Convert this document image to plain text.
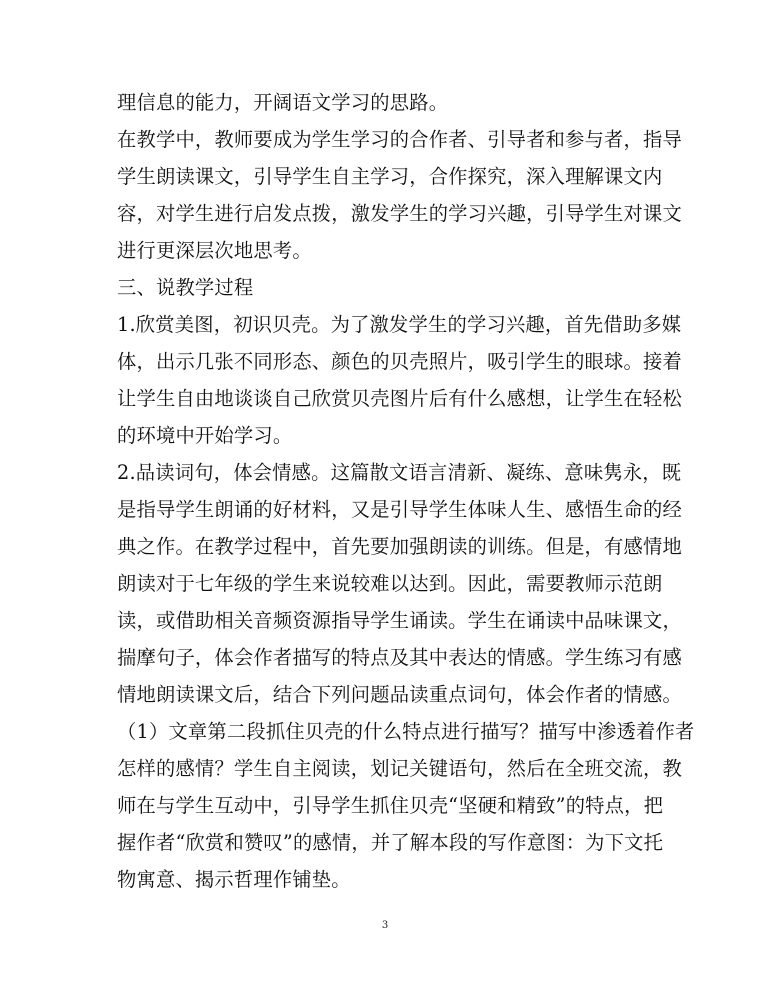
理信息的能力，开阔语文学习的思路。
在教学中，教师要成为学生学习的合作者、引导者和参与者，指导
学生朗读课文，引导学生自主学习，合作探究，深入理解课文内
容，对学生进行启发点拨，激发学生的学习兴趣，引导学生对课文
进行更深层次地思考。
三、说教学过程
1.欣赏美图，初识贝壳。为了激发学生的学习兴趣，首先借助多媒
体，出示几张不同形态、颜色的贝壳照片，吸引学生的眼球。接着
让学生自由地谈谈自己欣赏贝壳图片后有什么感想，让学生在轻松
的环境中开始学习。
2.品读词句，体会情感。这篇散文语言清新、凝练、意味隽永，既
是指导学生朗诵的好材料，又是引导学生体味人生、感悟生命的经
典之作。在教学过程中，首先要加强朗读的训练。但是，有感情地
朗读对于七年级的学生来说较难以达到。因此，需要教师示范朗
读，或借助相关音频资源指导学生诵读。学生在诵读中品味课文，
揣摩句子，体会作者描写的特点及其中表达的情感。学生练习有感
情地朗读课文后，结合下列问题品读重点词句，体会作者的情感。
（1）文章第二段抓住贝壳的什么特点进行描写？描写中渗透着作者
怎样的感情？学生自主阅读，划记关键语句，然后在全班交流，教
师在与学生互动中，引导学生抓住贝壳“坚硬和精致”的特点，把
握作者“欣赏和赞叹”的感情，并了解本段的写作意图：为下文托
物寓意、揭示哲理作铺垫。
3
